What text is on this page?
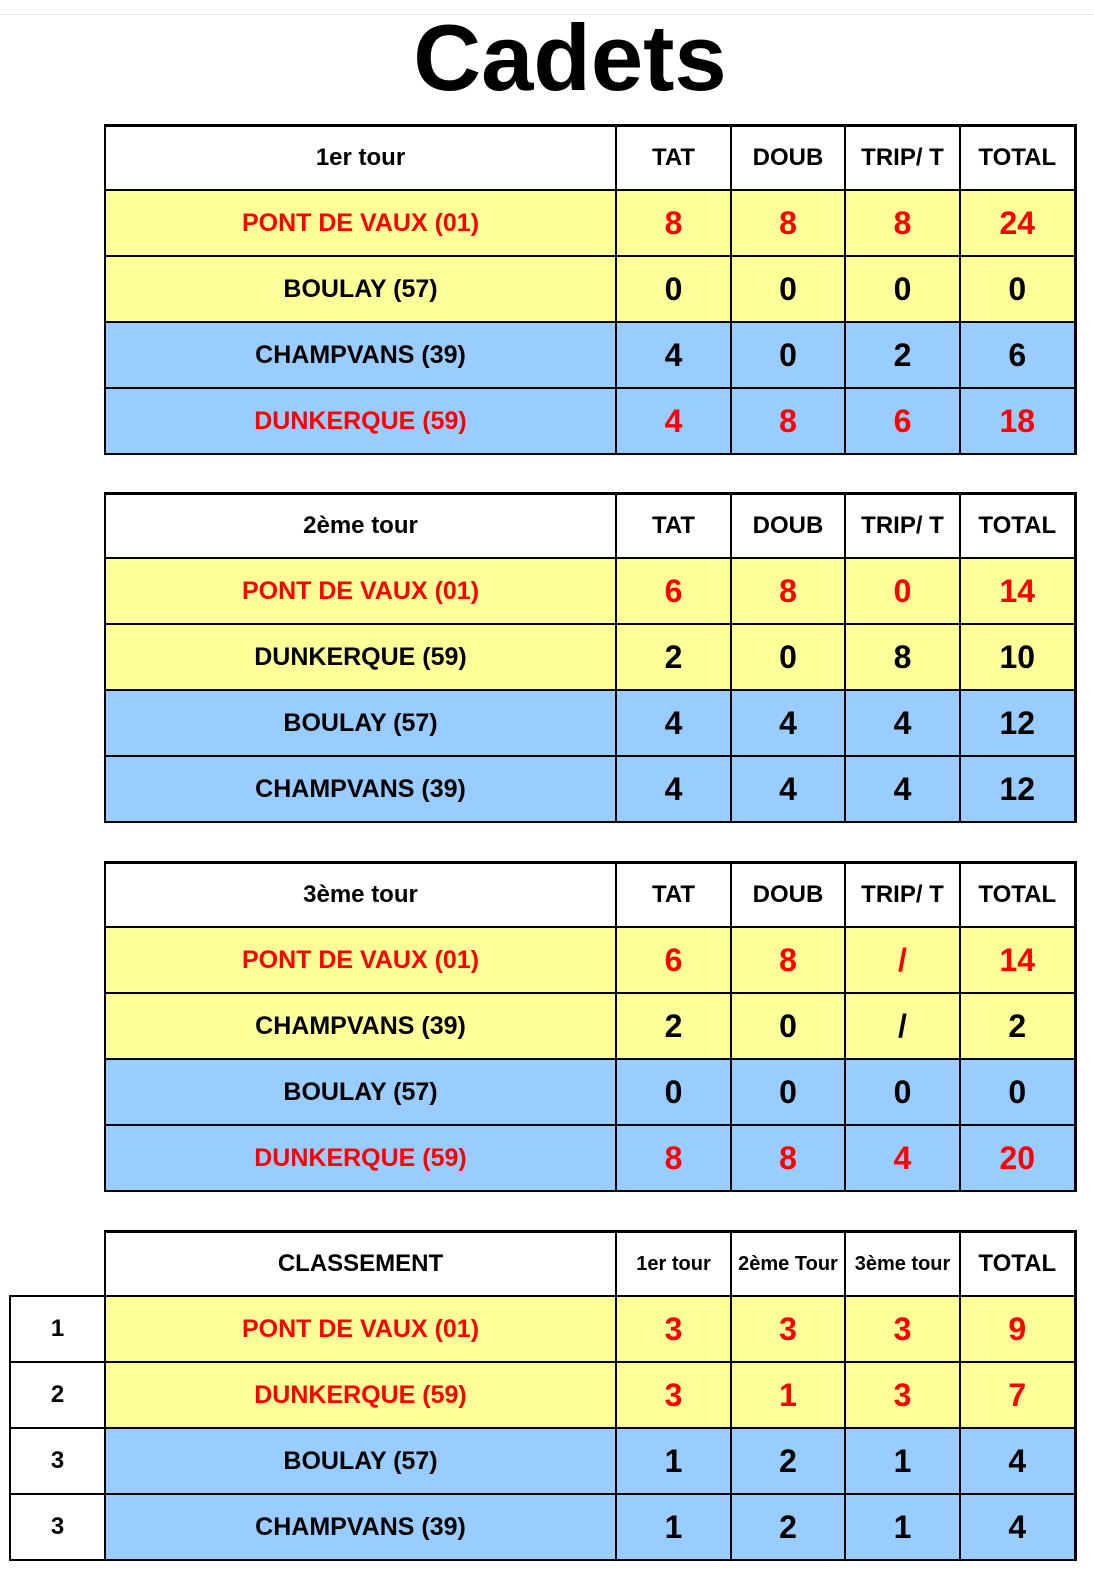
Cadets
1er tour	TAT	DOUB	TRIP/ T	TOTAL
PONT DE VAUX (01)	8	8	8	24
BOULAY (57)	0	0	0	0
CHAMPVANS (39)	4	0	2	6
DUNKERQUE (59)	4	8	6	18
2ème tour	TAT	DOUB	TRIP/ T	TOTAL
PONT DE VAUX (01)	6	8	0	14
DUNKERQUE (59)	2	0	8	10
BOULAY (57)	4	4	4	12
CHAMPVANS (39)	4	4	4	12
3ème tour	TAT	DOUB	TRIP/ T	TOTAL
PONT DE VAUX (01)	6	8	/	14
CHAMPVANS (39)	2	0	/	2
BOULAY (57)	0	0	0	0
DUNKERQUE (59)	8	8	4	20
	CLASSEMENT	1er tour	2ème Tour	3ème tour	TOTAL
1	PONT DE VAUX (01)	3	3	3	9
2	DUNKERQUE (59)	3	1	3	7
3	BOULAY (57)	1	2	1	4
3	CHAMPVANS (39)	1	2	1	4
